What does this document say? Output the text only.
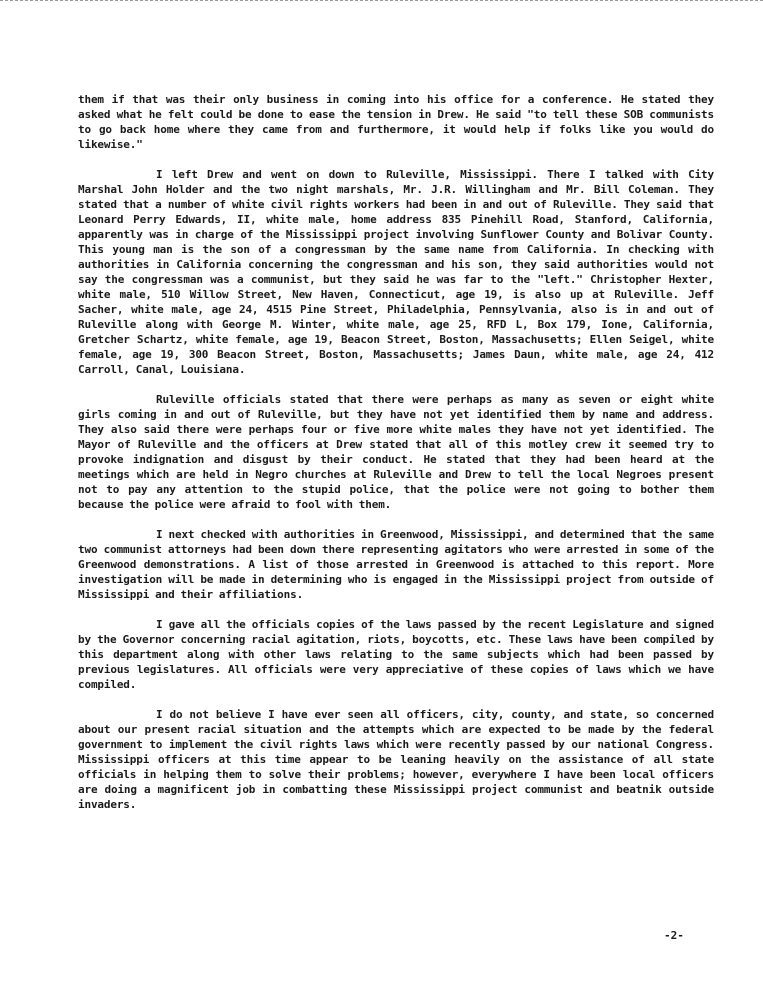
them if that was their only business in coming into his office for a conference. He stated they asked what he felt could be done to ease the tension in Drew. He said "to tell these SOB communists to go back home where they came from and furthermore, it would help if folks like you would do likewise."

I left Drew and went on down to Ruleville, Mississippi. There I talked with City Marshal John Holder and the two night marshals, Mr. J.R. Willingham and Mr. Bill Coleman. They stated that a number of white civil rights workers had been in and out of Ruleville. They said that Leonard Perry Edwards, II, white male, home address 835 Pinehill Road, Stanford, California, apparently was in charge of the Mississippi project involving Sunflower County and Bolivar County. This young man is the son of a congressman by the same name from California. In checking with authorities in California concerning the congressman and his son, they said authorities would not say the congressman was a communist, but they said he was far to the "left." Christopher Hexter, white male, 510 Willow Street, New Haven, Connecticut, age 19, is also up at Ruleville. Jeff Sacher, white male, age 24, 4515 Pine Street, Philadelphia, Pennsylvania, also is in and out of Ruleville along with George M. Winter, white male, age 25, RFD L, Box 179, Ione, California, Gretcher Schartz, white female, age 19, Beacon Street, Boston, Massachusetts; Ellen Seigel, white female, age 19, 300 Beacon Street, Boston, Massachusetts; James Daun, white male, age 24, 412 Carroll, Canal, Louisiana.

Ruleville officials stated that there were perhaps as many as seven or eight white girls coming in and out of Ruleville, but they have not yet identified them by name and address. They also said there were perhaps four or five more white males they have not yet identified. The Mayor of Ruleville and the officers at Drew stated that all of this motley crew it seemed try to provoke indignation and disgust by their conduct. He stated that they had been heard at the meetings which are held in Negro churches at Ruleville and Drew to tell the local Negroes present not to pay any attention to the stupid police, that the police were not going to bother them because the police were afraid to fool with them.

I next checked with authorities in Greenwood, Mississippi, and determined that the same two communist attorneys had been down there representing agitators who were arrested in some of the Greenwood demonstrations. A list of those arrested in Greenwood is attached to this report. More investigation will be made in determining who is engaged in the Mississippi project from outside of Mississippi and their affiliations.

I gave all the officials copies of the laws passed by the recent Legislature and signed by the Governor concerning racial agitation, riots, boycotts, etc. These laws have been compiled by this department along with other laws relating to the same subjects which had been passed by previous legislatures. All officials were very appreciative of these copies of laws which we have compiled.

I do not believe I have ever seen all officers, city, county, and state, so concerned about our present racial situation and the attempts which are expected to be made by the federal government to implement the civil rights laws which were recently passed by our national Congress. Mississippi officers at this time appear to be leaning heavily on the assistance of all state officials in helping them to solve their problems; however, everywhere I have been local officers are doing a magnificent job in combatting these Mississippi project communist and beatnik outside invaders.

-2-
